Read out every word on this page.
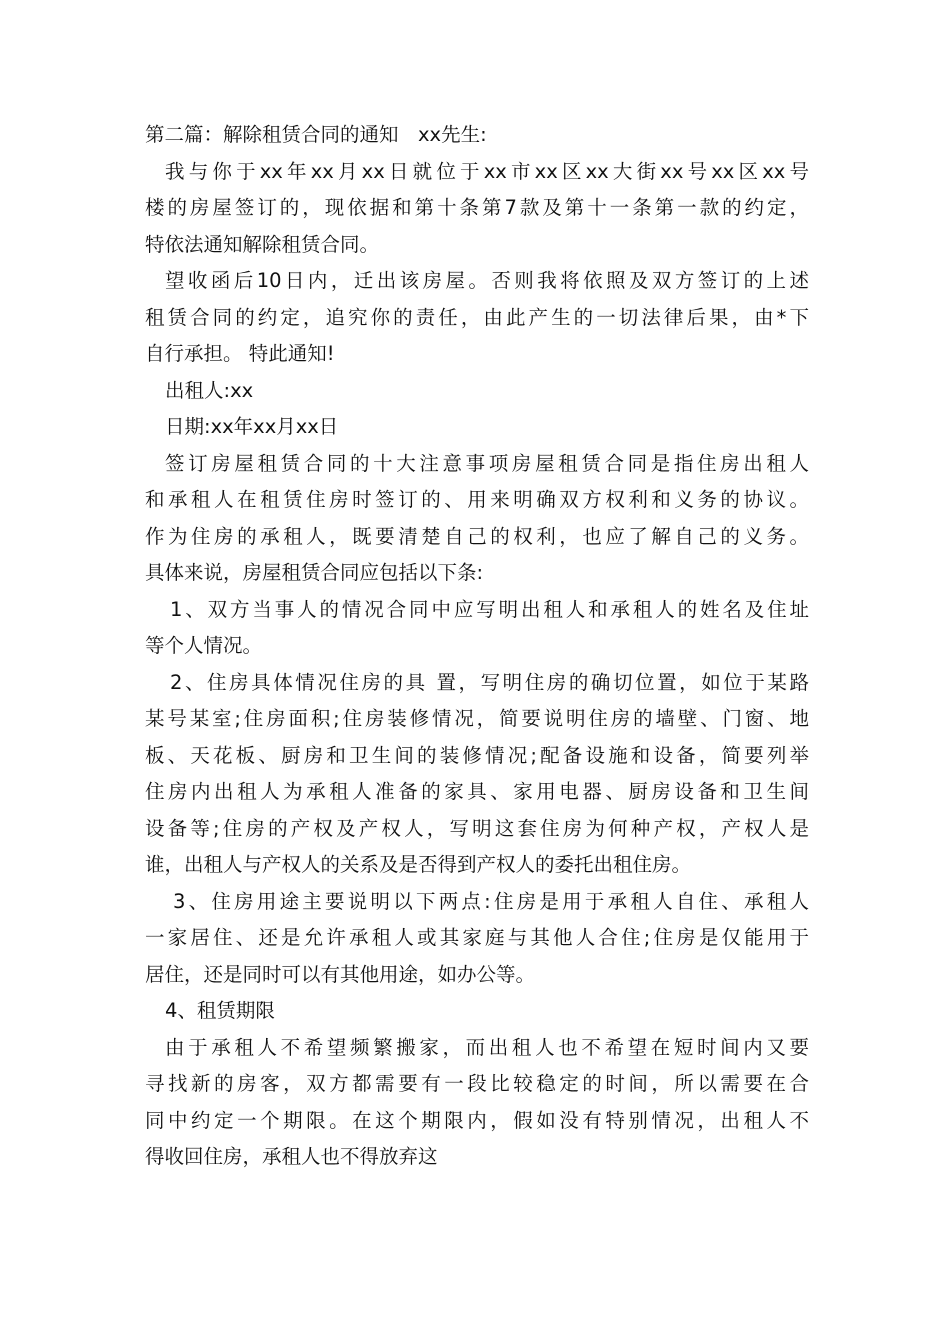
第二篇：解除租赁合同的通知　xx先生:
我与你于xx年xx月xx日就位于xx市xx区xx大街xx号xx区xx号
楼的房屋签订的，现依据和第十条第7款及第十一条第一款的约定，
特依法通知解除租赁合同。
望收函后10日内，迁出该房屋。否则我将依照及双方签订的上述
租赁合同的约定，追究你的责任，由此产生的一切法律后果，由*下
自行承担。 特此通知!
出租人:xx
日期:xx年xx月xx日
签订房屋租赁合同的十大注意事项房屋租赁合同是指住房出租人
和承租人在租赁住房时签订的、用来明确双方权利和义务的协议。
作为住房的承租人，既要清楚自己的权利，也应了解自己的义务。
具体来说，房屋租赁合同应包括以下条:
1、双方当事人的情况合同中应写明出租人和承租人的姓名及住址
等个人情况。
2、住房具体情况住房的具 置，写明住房的确切位置，如位于某路
某号某室;住房面积;住房装修情况，简要说明住房的墙壁、门窗、地
板、天花板、厨房和卫生间的装修情况;配备设施和设备，简要列举
住房内出租人为承租人准备的家具、家用电器、厨房设备和卫生间
设备等;住房的产权及产权人，写明这套住房为何种产权，产权人是
谁，出租人与产权人的关系及是否得到产权人的委托出租住房。
3、住房用途主要说明以下两点:住房是用于承租人自住、承租人
一家居住、还是允许承租人或其家庭与其他人合住;住房是仅能用于
居住，还是同时可以有其他用途，如办公等。
4、租赁期限
由于承租人不希望频繁搬家，而出租人也不希望在短时间内又要
寻找新的房客，双方都需要有一段比较稳定的时间，所以需要在合
同中约定一个期限。在这个期限内，假如没有特别情况，出租人不
得收回住房，承租人也不得放弃这
